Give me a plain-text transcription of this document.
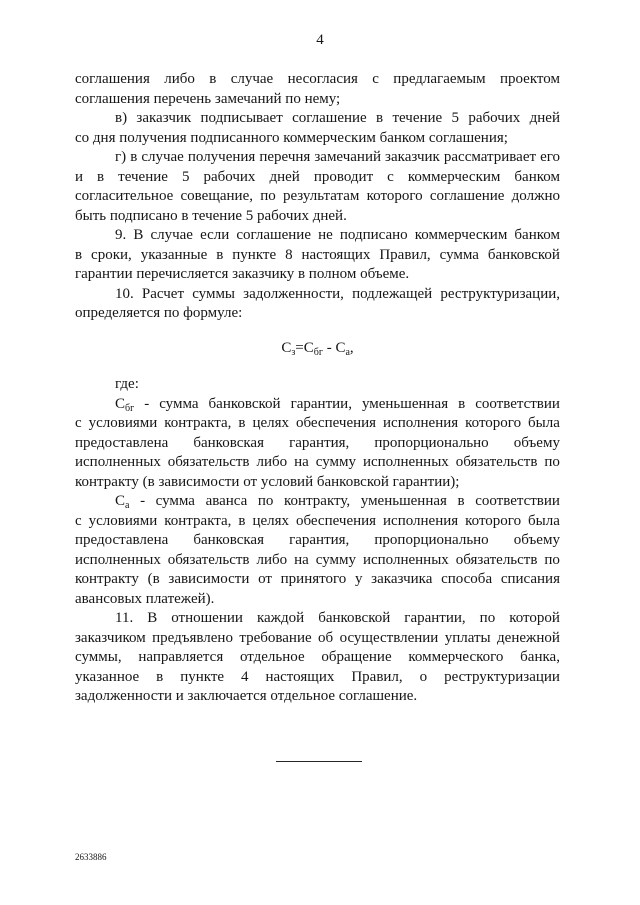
4
соглашения либо в случае несогласия с предлагаемым проектом
соглашения перечень замечаний по нему;
в) заказчик подписывает соглашение в течение 5 рабочих дней
со дня получения подписанного коммерческим банком соглашения;
г) в случае получения перечня замечаний заказчик рассматривает его
и в течение 5 рабочих дней проводит с коммерческим банком
согласительное совещание, по результатам которого соглашение должно
быть подписано в течение 5 рабочих дней.
9. В случае если соглашение не подписано коммерческим банком
в сроки, указанные в пункте 8 настоящих Правил, сумма банковской
гарантии перечисляется заказчику в полном объеме.
10. Расчет суммы задолженности, подлежащей реструктуризации,
определяется по формуле:
$С_з=С_{бг} - С_а$,
где:
$С_{бг}$ - сумма банковской гарантии, уменьшенная в соответствии
с условиями контракта, в целях обеспечения исполнения которого была
предоставлена банковская гарантия, пропорционально объему
исполненных обязательств либо на сумму исполненных обязательств по
контракту (в зависимости от условий банковской гарантии);
$С_а$ - сумма аванса по контракту, уменьшенная в соответствии
с условиями контракта, в целях обеспечения исполнения которого была
предоставлена банковская гарантия, пропорционально объему
исполненных обязательств либо на сумму исполненных обязательств по
контракту (в зависимости от принятого у заказчика способа списания
авансовых платежей).
11. В отношении каждой банковской гарантии, по которой
заказчиком предъявлено требование об осуществлении уплаты денежной
суммы, направляется отдельное обращение коммерческого банка,
указанное в пункте 4 настоящих Правил, о реструктуризации
задолженности и заключается отдельное соглашение.
2633886
